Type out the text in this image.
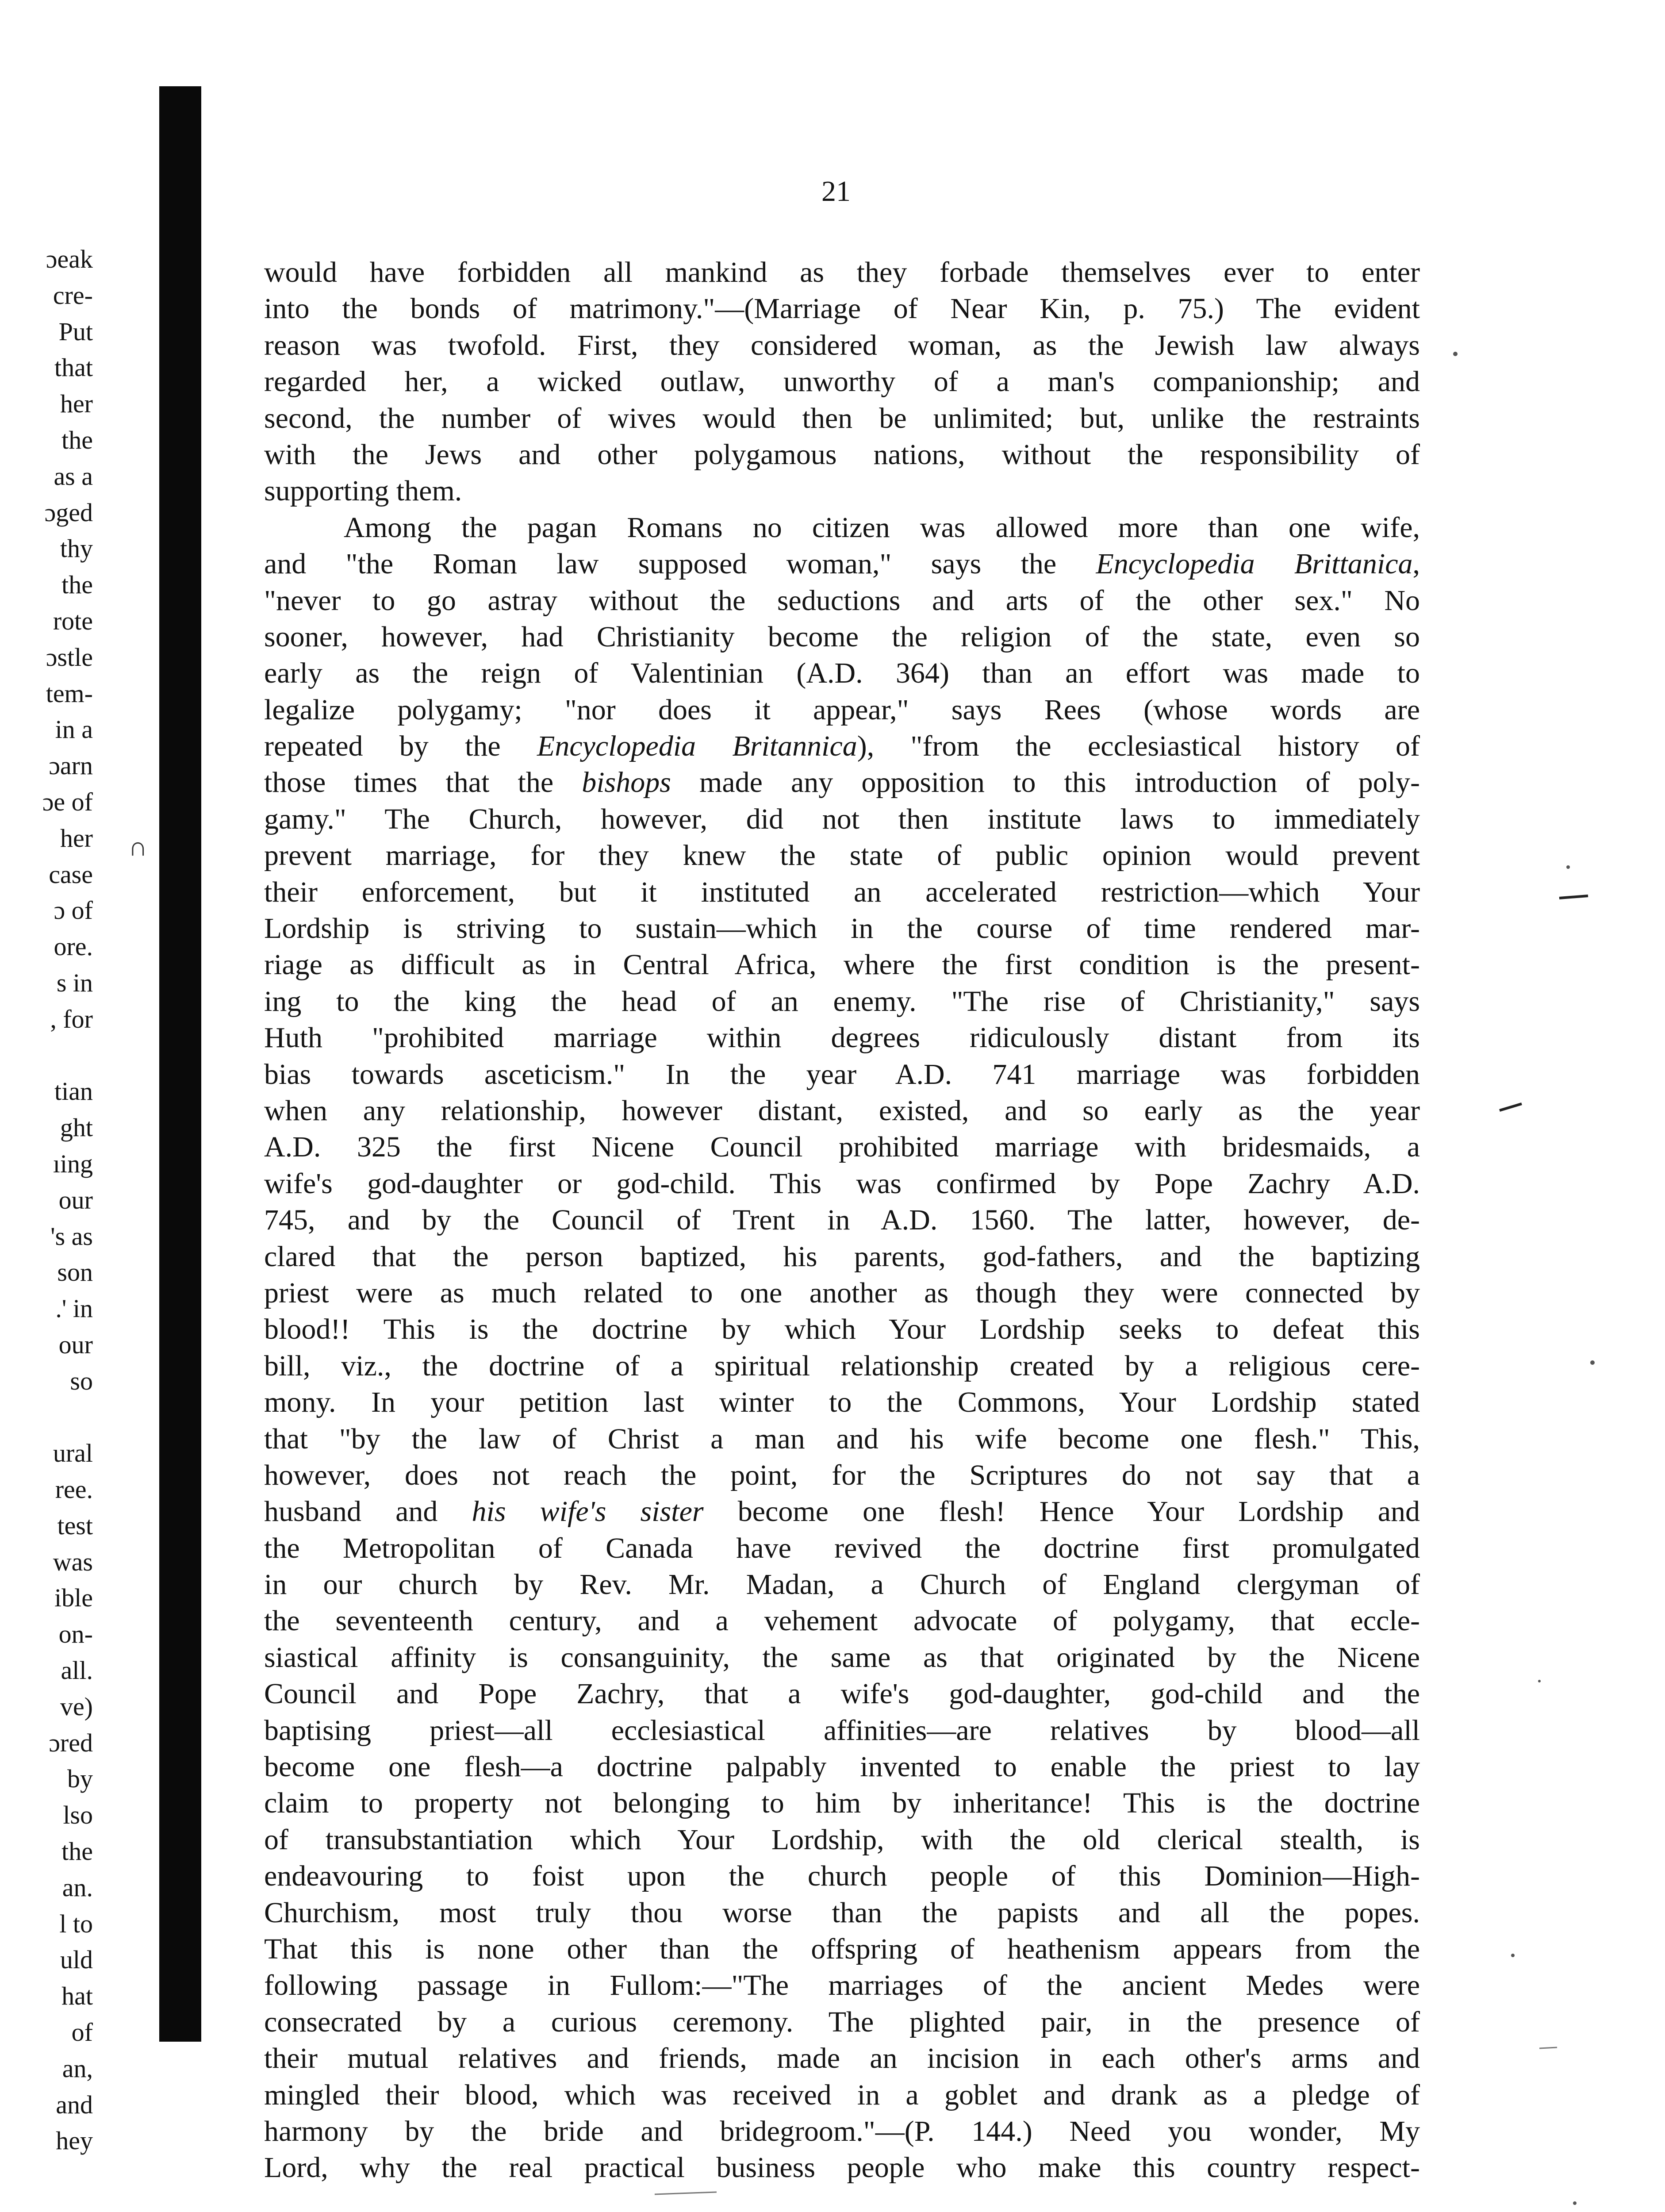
ɔeak
cre-
Put
that
her
the
as a
ɔged
thy
the
rote
ɔstle
tem-
in a
ɔarn
ɔe of
her
case
ɔ of
ore.
s in
, for
tian
ght
ıing
our
's as
son
.' in
our
so
ural
ree.
test
was
ible
on-
all.
ve)
ɔred
by
lso
the
an.
l to
uld
hat
of
an,
and
hey
∩
21
would have forbidden all mankind as they forbade themselves ever to enter
into the bonds of matrimony."—(Marriage of Near Kin, p. 75.) The evident
reason was twofold. First, they considered woman, as the Jewish law always
regarded her, a wicked outlaw, unworthy of a man's companionship; and
second, the number of wives would then be unlimited; but, unlike the restraints
with the Jews and other polygamous nations, without the responsibility of
supporting them.
Among the pagan Romans no citizen was allowed more than one wife,
and "the Roman law supposed woman," says the Encyclopedia Brittanica,
"never to go astray without the seductions and arts of the other sex." No
sooner, however, had Christianity become the religion of the state, even so
early as the reign of Valentinian (A.D. 364) than an effort was made to
legalize polygamy; "nor does it appear," says Rees (whose words are
repeated by the Encyclopedia Britannica), "from the ecclesiastical history of
those times that the bishops made any opposition to this introduction of poly-
gamy." The Church, however, did not then institute laws to immediately
prevent marriage, for they knew the state of public opinion would prevent
their enforcement, but it instituted an accelerated restriction—which Your
Lordship is striving to sustain—which in the course of time rendered mar-
riage as difficult as in Central Africa, where the first condition is the present-
ing to the king the head of an enemy. "The rise of Christianity," says
Huth "prohibited marriage within degrees ridiculously distant from its
bias towards asceticism." In the year A.D. 741 marriage was forbidden
when any relationship, however distant, existed, and so early as the year
A.D. 325 the first Nicene Council prohibited marriage with bridesmaids, a
wife's god-daughter or god-child. This was confirmed by Pope Zachry A.D.
745, and by the Council of Trent in A.D. 1560. The latter, however, de-
clared that the person baptized, his parents, god-fathers, and the baptizing
priest were as much related to one another as though they were connected by
blood!! This is the doctrine by which Your Lordship seeks to defeat this
bill, viz., the doctrine of a spiritual relationship created by a religious cere-
mony. In your petition last winter to the Commons, Your Lordship stated
that "by the law of Christ a man and his wife become one flesh." This,
however, does not reach the point, for the Scriptures do not say that a
husband and his wife's sister become one flesh! Hence Your Lordship and
the Metropolitan of Canada have revived the doctrine first promulgated
in our church by Rev. Mr. Madan, a Church of England clergyman of
the seventeenth century, and a vehement advocate of polygamy, that eccle-
siastical affinity is consanguinity, the same as that originated by the Nicene
Council and Pope Zachry, that a wife's god-daughter, god-child and the
baptising priest—all ecclesiastical affinities—are relatives by blood—all
become one flesh—a doctrine palpably invented to enable the priest to lay
claim to property not belonging to him by inheritance! This is the doctrine
of transubstantiation which Your Lordship, with the old clerical stealth, is
endeavouring to foist upon the church people of this Dominion—High-
Churchism, most truly thou worse than the papists and all the popes.
That this is none other than the offspring of heathenism appears from the
following passage in Fullom:—"The marriages of the ancient Medes were
consecrated by a curious ceremony. The plighted pair, in the presence of
their mutual relatives and friends, made an incision in each other's arms and
mingled their blood, which was received in a goblet and drank as a pledge of
harmony by the bride and bridegroom."—(P. 144.) Need you wonder, My
Lord, why the real practical business people who make this country respect-
